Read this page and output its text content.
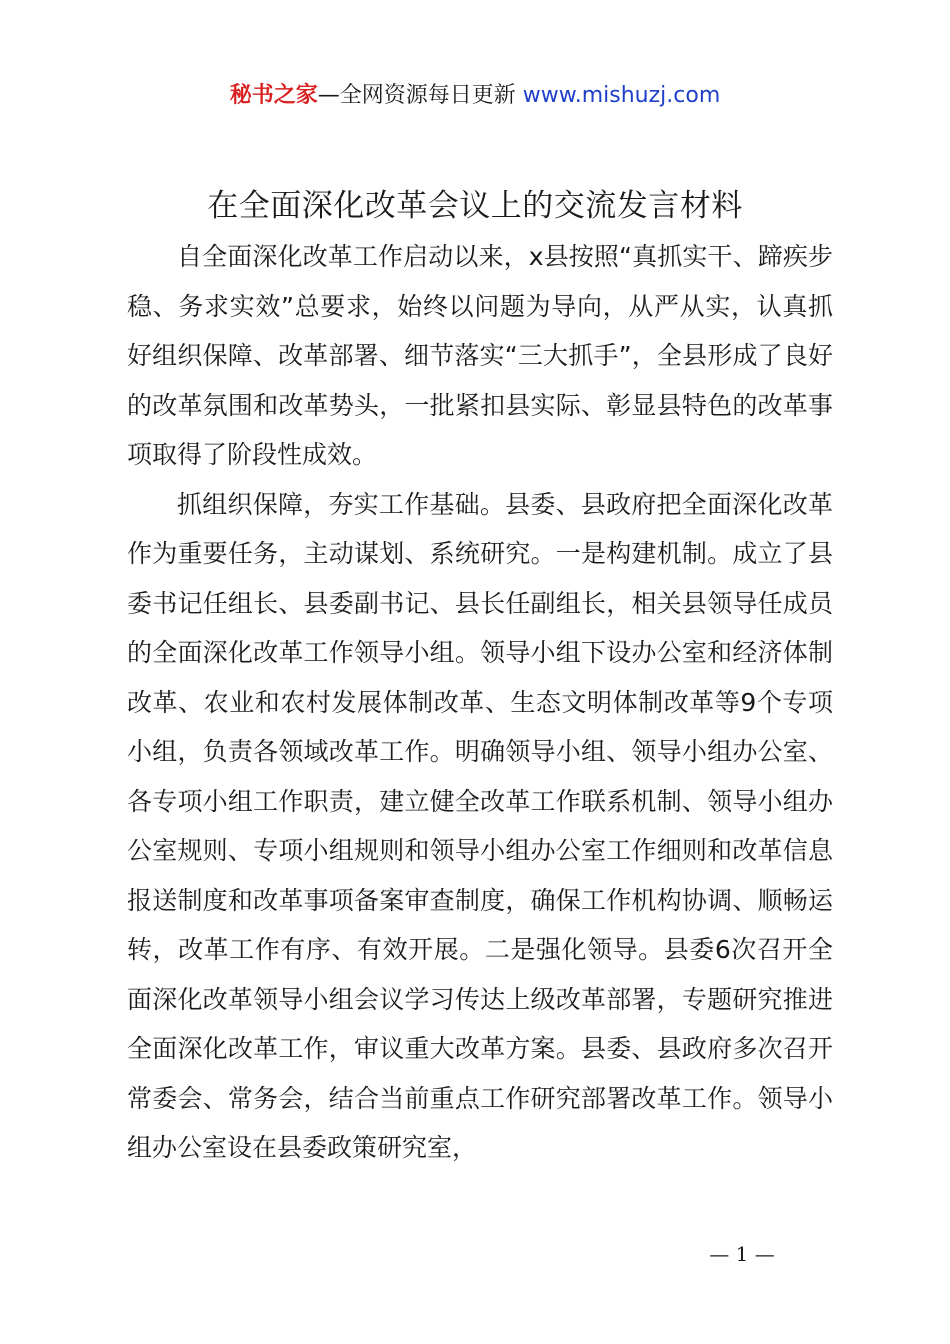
秘书之家—全网资源每日更新 www.mishuzj.com
在全面深化改革会议上的交流发言材料

自全面深化改革工作启动以来，x县按照“真抓实干、蹄疾步稳、务求实效”总要求，始终以问题为导向，从严从实，认真抓好组织保障、改革部署、细节落实“三大抓手”，全县形成了良好的改革氛围和改革势头，一批紧扣县实际、彰显县特色的改革事项取得了阶段性成效。

抓组织保障，夯实工作基础。县委、县政府把全面深化改革作为重要任务，主动谋划、系统研究。一是构建机制。成立了县委书记任组长、县委副书记、县长任副组长，相关县领导任成员的全面深化改革工作领导小组。领导小组下设办公室和经济体制改革、农业和农村发展体制改革、生态文明体制改革等9个专项小组，负责各领域改革工作。明确领导小组、领导小组办公室、各专项小组工作职责，建立健全改革工作联系机制、领导小组办公室规则、专项小组规则和领导小组办公室工作细则和改革信息报送制度和改革事项备案审查制度，确保工作机构协调、顺畅运转，改革工作有序、有效开展。二是强化领导。县委6次召开全面深化改革领导小组会议学习传达上级改革部署，专题研究推进全面深化改革工作，审议重大改革方案。县委、县政府多次召开常委会、常务会，结合当前重点工作研究部署改革工作。领导小组办公室设在县委政策研究室，

— 1 —
